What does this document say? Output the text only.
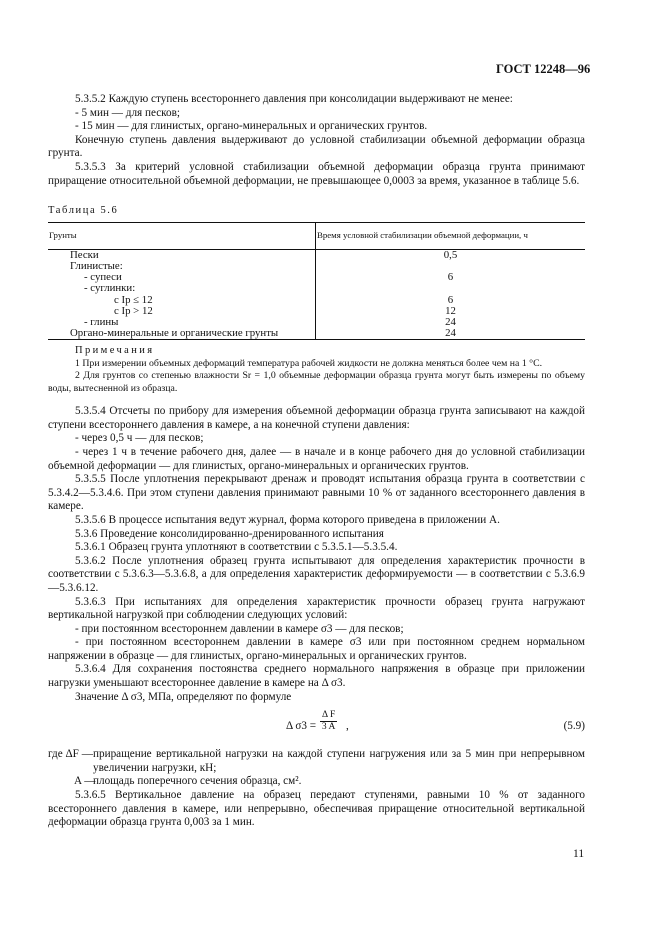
ГОСТ 12248—96

5.3.5.2 Каждую ступень всестороннего давления при консолидации выдерживают не менее:

- 5 мин — для песков;

- 15 мин — для глинистых, органо-минеральных и органических грунтов.

Конечную ступень давления выдерживают до условной стабилизации объемной деформации образца грунта.

5.3.5.3 За критерий условной стабилизации объемной деформации образца грунта принимают приращение относительной объемной деформации, не превышающее 0,0003 за время, указанное в таблице 5.6.

Таблица 5.6
Грунты	Время условной стабилизации объемной деформации, ч
Пески	0,5
Глинистые:	
- супеси	6
- суглинки:	
с Ip ≤ 12	6
с Ip > 12	12
- глины	24
Органо-минеральные и органические грунты	24
Примечания

1 При измерении объемных деформаций температура рабочей жидкости не должна меняться более чем на 1 °С.

2 Для грунтов со степенью влажности Sr = 1,0 объемные деформации образца грунта могут быть измерены по объему воды, вытесненной из образца.

5.3.5.4 Отсчеты по прибору для измерения объемной деформации образца грунта записывают на каждой ступени всестороннего давления в камере, а на конечной ступени давления:

- через 0,5 ч — для песков;

- через 1 ч в течение рабочего дня, далее — в начале и в конце рабочего дня до условной стабилизации объемной деформации — для глинистых, органо-минеральных и органических грунтов.

5.3.5.5 После уплотнения перекрывают дренаж и проводят испытания образца грунта в соответствии с 5.3.4.2—5.3.4.6. При этом ступени давления принимают равными 10 % от заданного всестороннего давления в камере.

5.3.5.6 В процессе испытания ведут журнал, форма которого приведена в приложении А.

5.3.6 Проведение консолидированно-дренированного испытания

5.3.6.1 Образец грунта уплотняют в соответствии с 5.3.5.1—5.3.5.4.

5.3.6.2 После уплотнения образец грунта испытывают для определения характеристик прочности в соответствии с 5.3.6.3—5.3.6.8, а для определения характеристик деформируемости — в соответствии с 5.3.6.9—5.3.6.12.

5.3.6.3 При испытаниях для определения характеристик прочности образец грунта нагружают вертикальной нагрузкой при соблюдении следующих условий:

- при постоянном всестороннем давлении в камере σ3 — для песков;

- при постоянном всестороннем давлении в камере σ3 или при постоянном среднем нормальном напряжении в образце — для глинистых, органо-минеральных и органических грунтов.

5.3.6.4 Для сохранения постоянства среднего нормального напряжения в образце при приложении нагрузки уменьшают всестороннее давление в камере на Δ σ3.

Значение Δ σ3, МПа, определяют по формуле

Δ $\sigma 3 = \frac{\text{Δ F}}{3 A}$ ,	(5.9)
где ΔF — приращение вертикальной нагрузки на каждой ступени нагружения или за 5 мин при непрерывном увеличении нагрузки, кН;

A —

площадь поперечного сечения образца, см².

5.3.6.5 Вертикальное давление на образец передают ступенями, равными 10 % от заданного всестороннего давления в камере, или непрерывно, обеспечивая приращение относительной вертикальной деформации образца грунта 0,003 за 1 мин.

11
